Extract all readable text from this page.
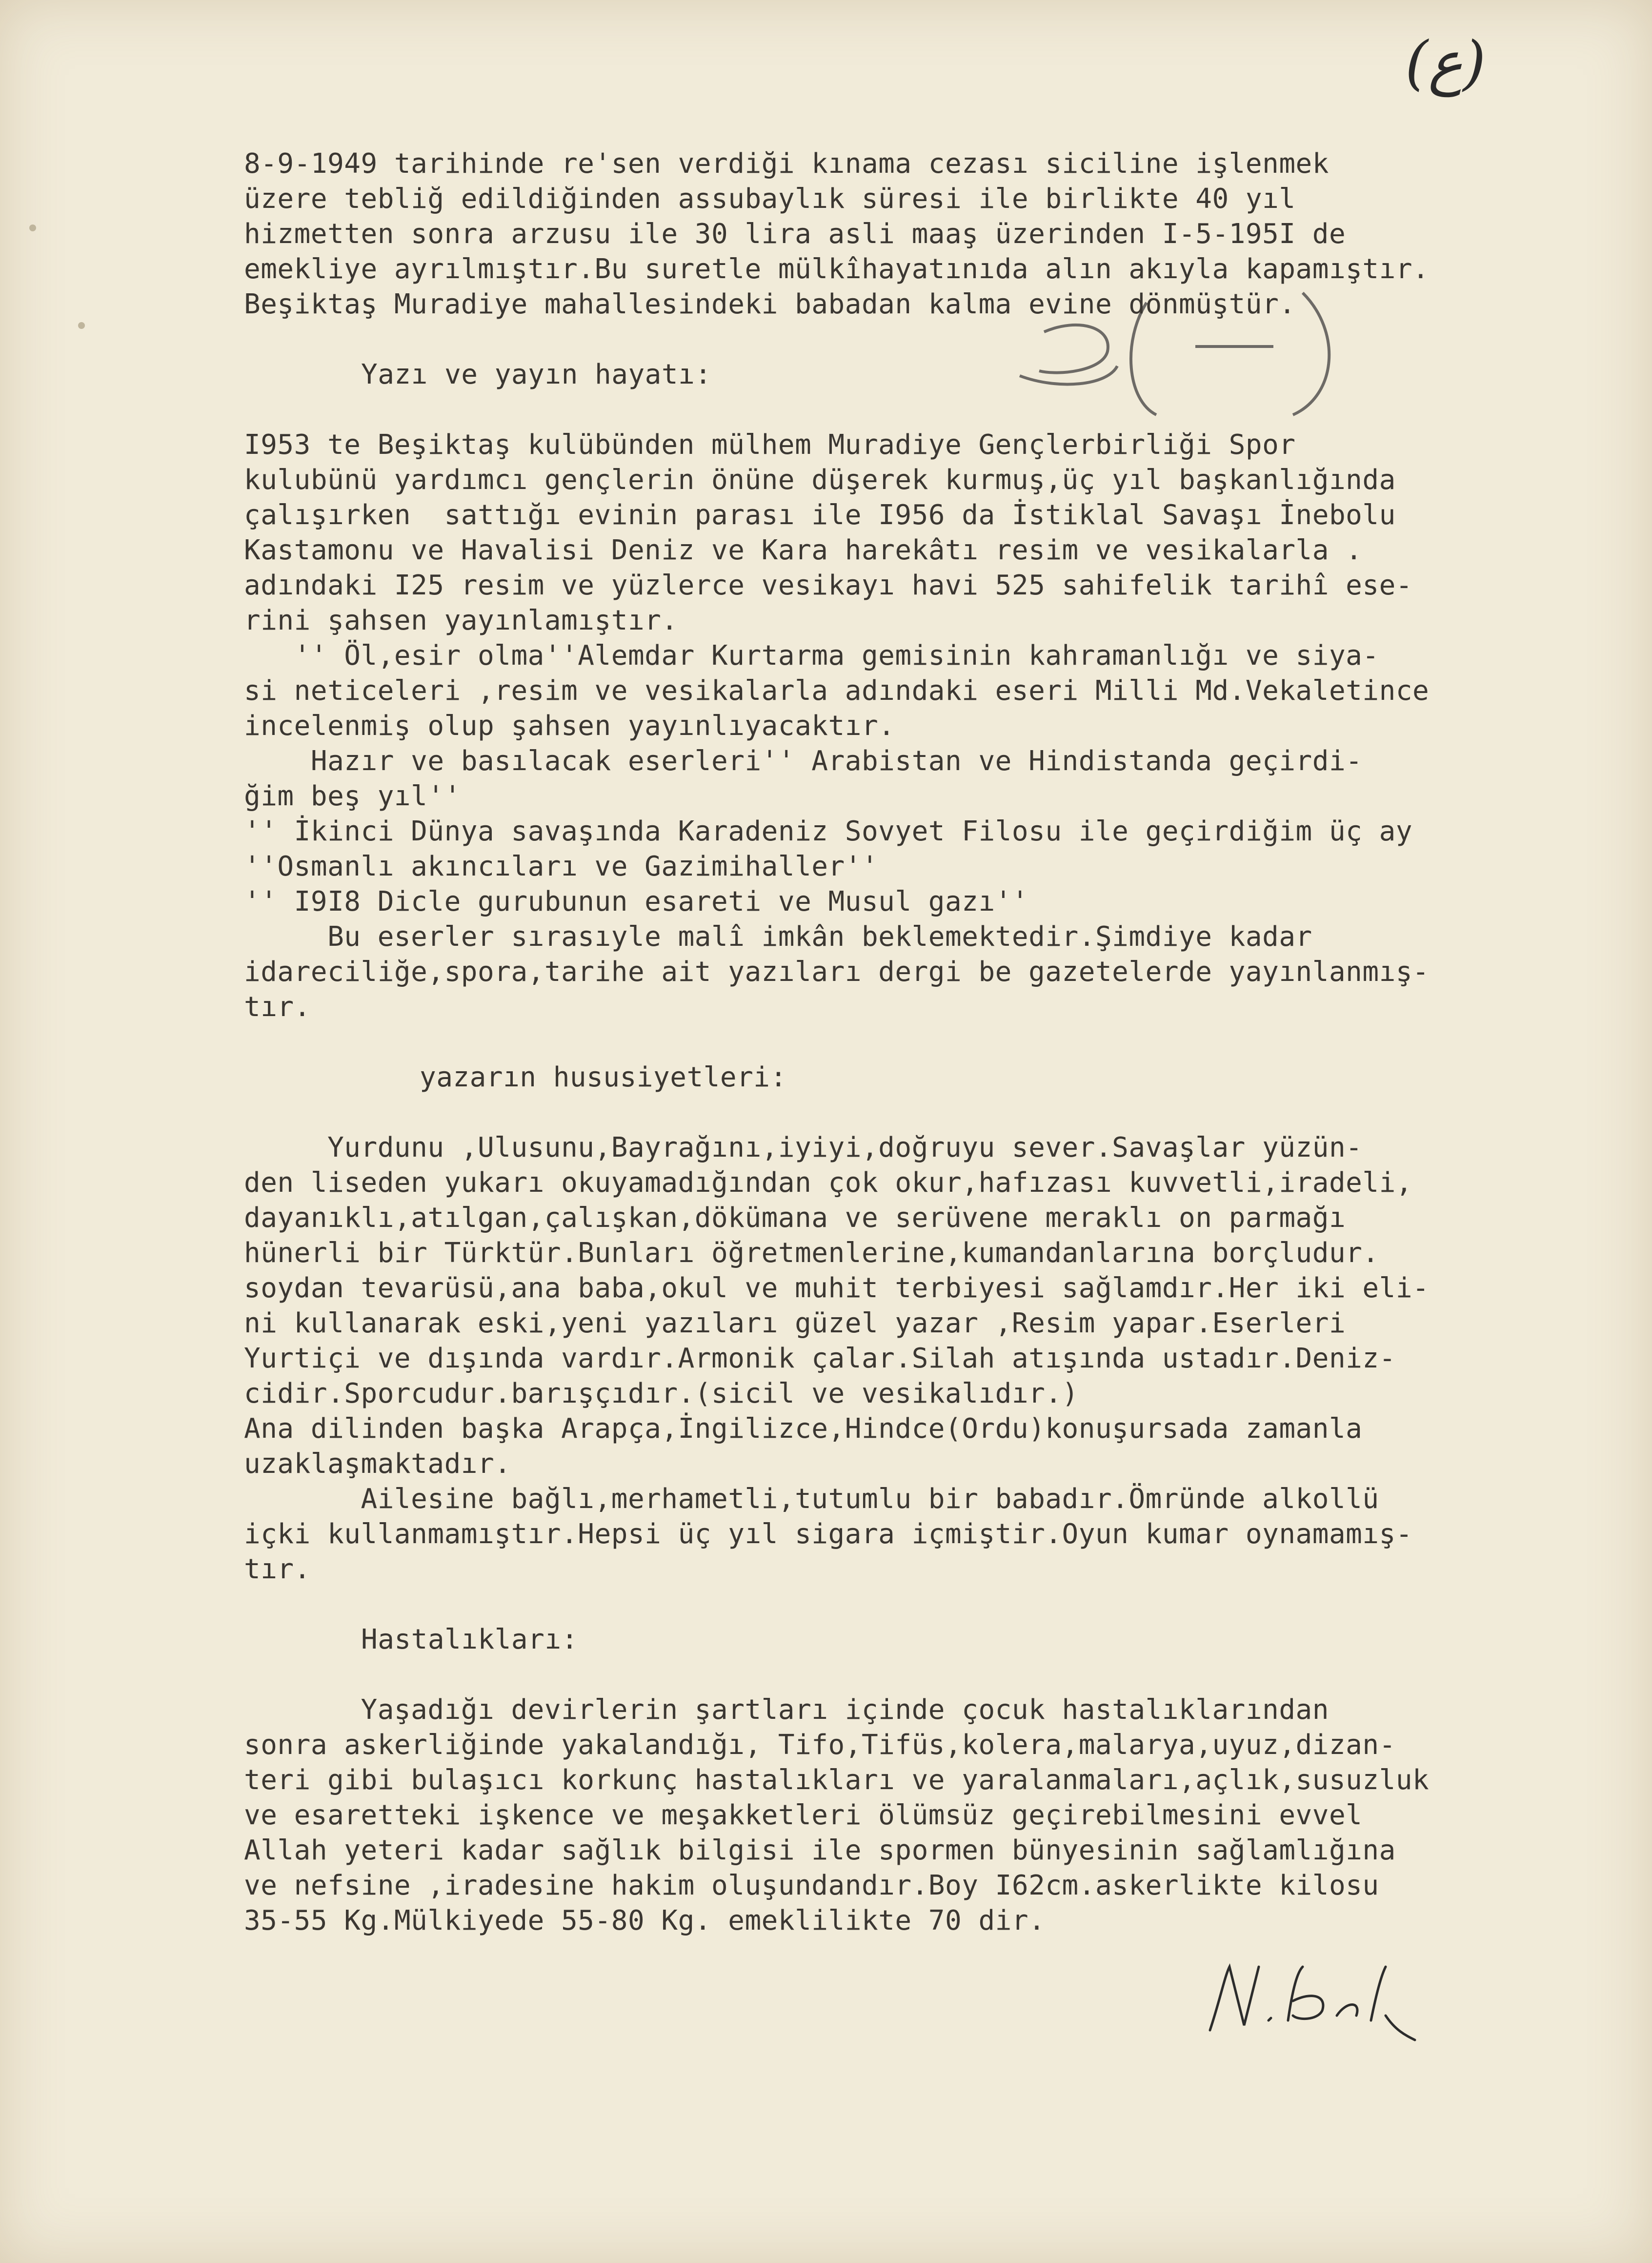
(ع)
8-9-1949 tarihinde re'sen verdiği kınama cezası siciline işlenmek
üzere tebliğ edildiğinden assubaylık süresi ile birlikte 40 yıl
hizmetten sonra arzusu ile 30 lira asli maaş üzerinden I-5-195I de
emekliye ayrılmıştır.Bu suretle mülkîhayatınıda alın akıyla kapamıştır.
Beşiktaş Muradiye mahallesindeki babadan kalma evine dönmüştür.
Yazı ve yayın hayatı:
I953 te Beşiktaş kulübünden mülhem Muradiye Gençlerbirliği Spor
kulubünü yardımcı gençlerin önüne düşerek kurmuş,üç yıl başkanlığında
çalışırken  sattığı evinin parası ile I956 da İstiklal Savaşı İnebolu
Kastamonu ve Havalisi Deniz ve Kara harekâtı resim ve vesikalarla .
adındaki I25 resim ve yüzlerce vesikayı havi 525 sahifelik tarihî ese-
rini şahsen yayınlamıştır.
'' Öl,esir olma''Alemdar Kurtarma gemisinin kahramanlığı ve siya-
si neticeleri ,resim ve vesikalarla adındaki eseri Milli Md.Vekaletince
incelenmiş olup şahsen yayınlıyacaktır.
Hazır ve basılacak eserleri'' Arabistan ve Hindistanda geçirdi-
ğim beş yıl''
'' İkinci Dünya savaşında Karadeniz Sovyet Filosu ile geçirdiğim üç ay
''Osmanlı akıncıları ve Gazimihaller''
'' I9I8 Dicle gurubunun esareti ve Musul gazı''
Bu eserler sırasıyle malî imkân beklemektedir.Şimdiye kadar
idareciliğe,spora,tarihe ait yazıları dergi be gazetelerde yayınlanmış-
tır.
yazarın hususiyetleri:
Yurdunu ,Ulusunu,Bayrağını,iyiyi,doğruyu sever.Savaşlar yüzün-
den liseden yukarı okuyamadığından çok okur,hafızası kuvvetli,iradeli,
dayanıklı,atılgan,çalışkan,dökümana ve serüvene meraklı on parmağı
hünerli bir Türktür.Bunları öğretmenlerine,kumandanlarına borçludur.
soydan tevarüsü,ana baba,okul ve muhit terbiyesi sağlamdır.Her iki eli-
ni kullanarak eski,yeni yazıları güzel yazar ,Resim yapar.Eserleri
Yurtiçi ve dışında vardır.Armonik çalar.Silah atışında ustadır.Deniz-
cidir.Sporcudur.barışçıdır.(sicil ve vesikalıdır.)
Ana dilinden başka Arapça,İngilizce,Hindce(Ordu)konuşursada zamanla
uzaklaşmaktadır.
Ailesine bağlı,merhametli,tutumlu bir babadır.Ömründe alkollü
içki kullanmamıştır.Hepsi üç yıl sigara içmiştir.Oyun kumar oynamamış-
tır.
Hastalıkları:
Yaşadığı devirlerin şartları içinde çocuk hastalıklarından
sonra askerliğinde yakalandığı, Tifo,Tifüs,kolera,malarya,uyuz,dizan-
teri gibi bulaşıcı korkunç hastalıkları ve yaralanmaları,açlık,susuzluk
ve esaretteki işkence ve meşakketleri ölümsüz geçirebilmesini evvel
Allah yeteri kadar sağlık bilgisi ile spormen bünyesinin sağlamlığına
ve nefsine ,iradesine hakim oluşundandır.Boy I62cm.askerlikte kilosu
35-55 Kg.Mülkiyede 55-80 Kg. emeklilikte 70 dir.
